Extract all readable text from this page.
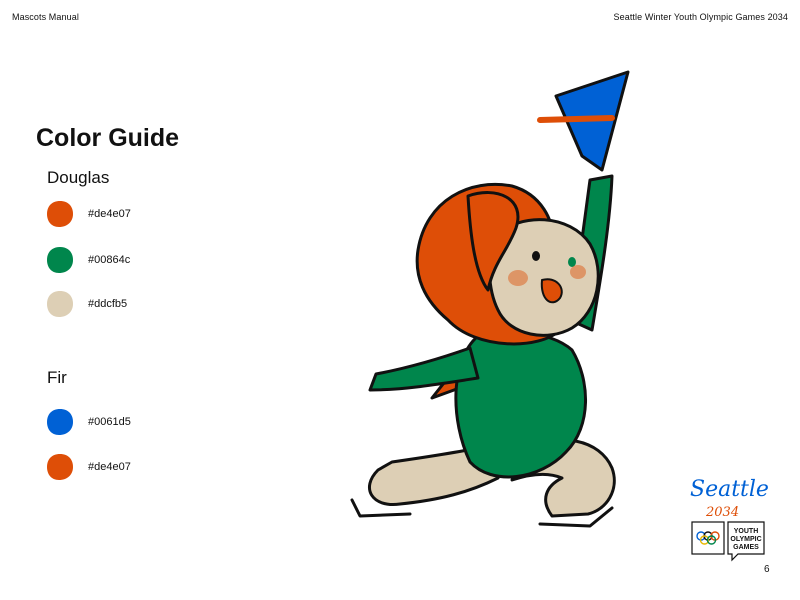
Mascots Manual	Seattle Winter Youth Olympic Games 2034
Color Guide
Douglas
#de4e07
#00864c
#ddcfb5
Fir
#0061d5
#de4e07
Seattle
2034
YOUTH
OLYMPIC
GAMES
6
